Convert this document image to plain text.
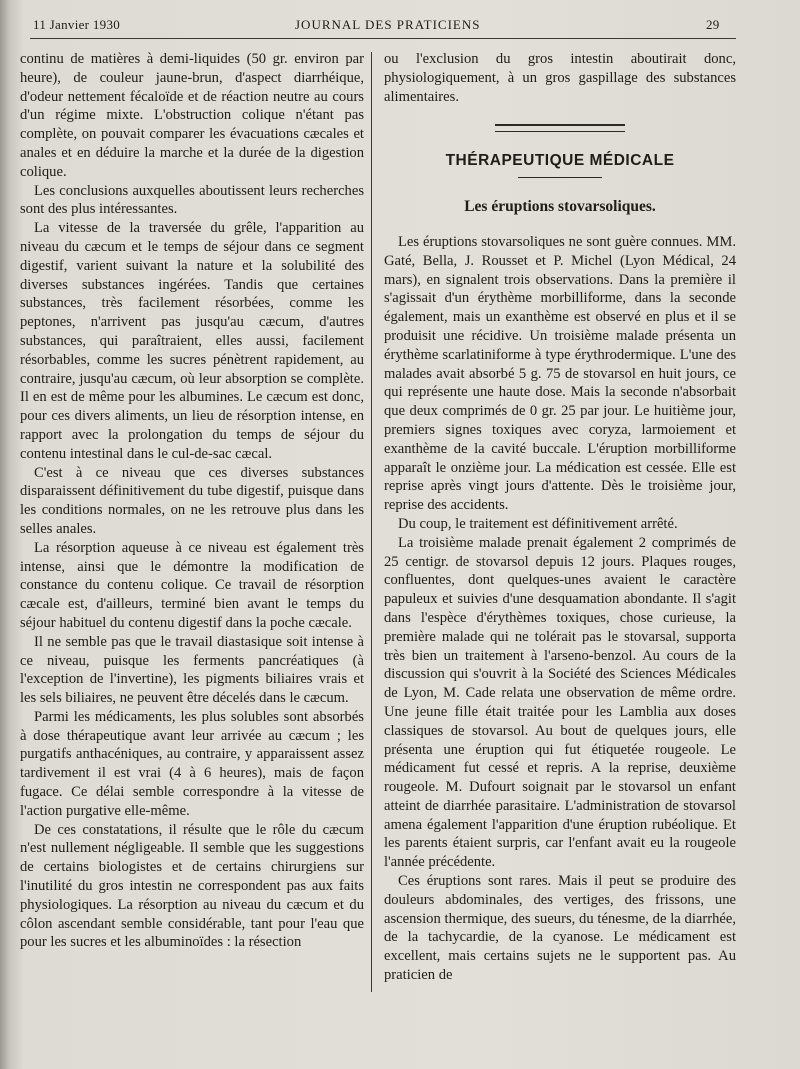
11 Janvier 1930	JOURNAL DES PRATICIENS	29

continu de matières à demi-liquides (50 gr. environ par heure), de couleur jaune-brun, d'aspect diarrhéique, d'odeur nettement fécaloïde et de réaction neutre au cours d'un régime mixte. L'obstruction colique n'étant pas complète, on pouvait comparer les évacuations cæcales et anales et en déduire la marche et la durée de la digestion colique.

Les conclusions auxquelles aboutissent leurs recherches sont des plus intéressantes.

La vitesse de la traversée du grêle, l'apparition au niveau du cæcum et le temps de séjour dans ce segment digestif, varient suivant la nature et la solubilité des diverses substances ingérées. Tandis que certaines substances, très facilement résorbées, comme les peptones, n'arrivent pas jusqu'au cæcum, d'autres substances, qui paraîtraient, elles aussi, facilement résorbables, comme les sucres pénètrent rapidement, au contraire, jusqu'au cæcum, où leur absorption se complète. Il en est de même pour les albumines. Le cæcum est donc, pour ces divers aliments, un lieu de résorption intense, en rapport avec la prolongation du temps de séjour du contenu intestinal dans le cul-de-sac cæcal.

C'est à ce niveau que ces diverses substances disparaissent définitivement du tube digestif, puisque dans les conditions normales, on ne les retrouve plus dans les selles anales.

La résorption aqueuse à ce niveau est également très intense, ainsi que le démontre la modification de constance du contenu colique. Ce travail de résorption cæcale est, d'ailleurs, terminé bien avant le temps du séjour habituel du contenu digestif dans la poche cæcale.

Il ne semble pas que le travail diastasique soit intense à ce niveau, puisque les ferments pancréatiques (à l'exception de l'invertine), les pigments biliaires vrais et les sels biliaires, ne peuvent être décelés dans le cæcum.

Parmi les médicaments, les plus solubles sont absorbés à dose thérapeutique avant leur arrivée au cæcum ; les purgatifs anthacéniques, au contraire, y apparaissent assez tardivement il est vrai (4 à 6 heures), mais de façon fugace. Ce délai semble correspondre à la vitesse de l'action purgative elle-même.

De ces constatations, il résulte que le rôle du cæcum n'est nullement négligeable. Il semble que les suggestions de certains biologistes et de certains chirurgiens sur l'inutilité du gros intestin ne correspondent pas aux faits physiologiques. La résorption au niveau du cæcum et du côlon ascendant semble considérable, tant pour l'eau que pour les sucres et les albuminoïdes : la résection

ou l'exclusion du gros intestin aboutirait donc, physiologiquement, à un gros gaspillage des substances alimentaires.

THÉRAPEUTIQUE MÉDICALE
Les éruptions stovarsoliques.

Les éruptions stovarsoliques ne sont guère connues. MM. Gaté, Bella, J. Rousset et P. Michel (Lyon Médical, 24 mars), en signalent trois observations. Dans la première il s'agissait d'un érythème morbilliforme, dans la seconde également, mais un exanthème est observé en plus et il se produisit une récidive. Un troisième malade présenta un érythème scarlatiniforme à type érythrodermique. L'une des malades avait absorbé 5 g. 75 de stovarsol en huit jours, ce qui représente une haute dose. Mais la seconde n'absorbait que deux comprimés de 0 gr. 25 par jour. Le huitième jour, premiers signes toxiques avec coryza, larmoiement et exanthème de la cavité buccale. L'éruption morbilliforme apparaît le onzième jour. La médication est cessée. Elle est reprise après vingt jours d'attente. Dès le troisième jour, reprise des accidents.

Du coup, le traitement est définitivement arrêté.

La troisième malade prenait également 2 comprimés de 25 centigr. de stovarsol depuis 12 jours. Plaques rouges, confluentes, dont quelques-unes avaient le caractère papuleux et suivies d'une desquamation abondante. Il s'agit dans l'espèce d'érythèmes toxiques, chose curieuse, la première malade qui ne tolérait pas le stovarsal, supporta très bien un traitement à l'arseno-benzol. Au cours de la discussion qui s'ouvrit à la Société des Sciences Médicales de Lyon, M. Cade relata une observation de même ordre. Une jeune fille était traitée pour les Lamblia aux doses classiques de stovarsol. Au bout de quelques jours, elle présenta une éruption qui fut étiquetée rougeole. Le médicament fut cessé et repris. A la reprise, deuxième rougeole. M. Dufourt soignait par le stovarsol un enfant atteint de diarrhée parasitaire. L'administration de stovarsol amena également l'apparition d'une éruption rubéolique. Et les parents étaient surpris, car l'enfant avait eu la rougeole l'année précédente.

Ces éruptions sont rares. Mais il peut se produire des douleurs abdominales, des vertiges, des frissons, une ascension thermique, des sueurs, du ténesme, de la diarrhée, de la tachycardie, de la cyanose. Le médicament est excellent, mais certains sujets ne le supportent pas. Au praticien de
